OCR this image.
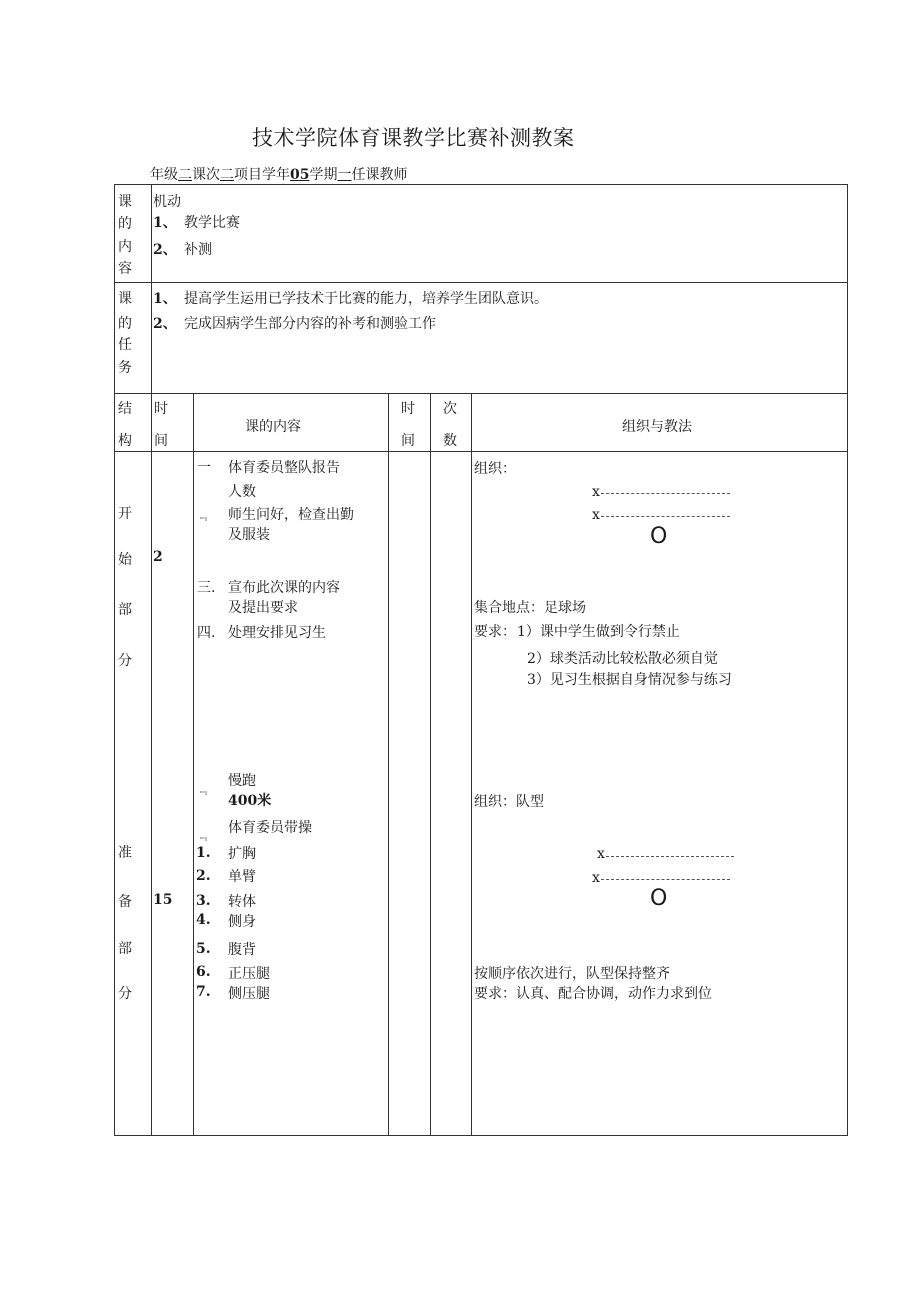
技术学院体育课教学比赛补测教案
年级二课次二项目学年05学期一任课教师
课
的
内
容
机动
1、 教学比赛
2、 补测
课
的
任
务
1、 提高学生运用已学技术于比赛的能力，培养学生团队意识。
2、 完成因病学生部分内容的补考和测验工作
结
构
时
间
课的内容
时
间
次
数
组织与教法
开
始
部
分
2
一 体育委员整队报告
人数
﹃ 师生问好，检查出勤
及服装
三. 宣布此次课的内容
及提出要求
四. 处理安排见习生
组织：
x
x
O
集合地点：足球场
要求： 1）课中学生做到令行禁止
2）球类活动比较松散必须自觉
3）见习生根据自身情况参与练习
准
备
部
分
15
﹃
慢跑
400米
﹃
体育委员带操
1. 扩胸
2. 单臂
3. 转体
4. 侧身
5. 腹背
6. 正压腿
7. 侧压腿
组织：队型
x
x
O
按顺序依次进行，队型保持整齐
要求：认真、配合协调，动作力求到位
